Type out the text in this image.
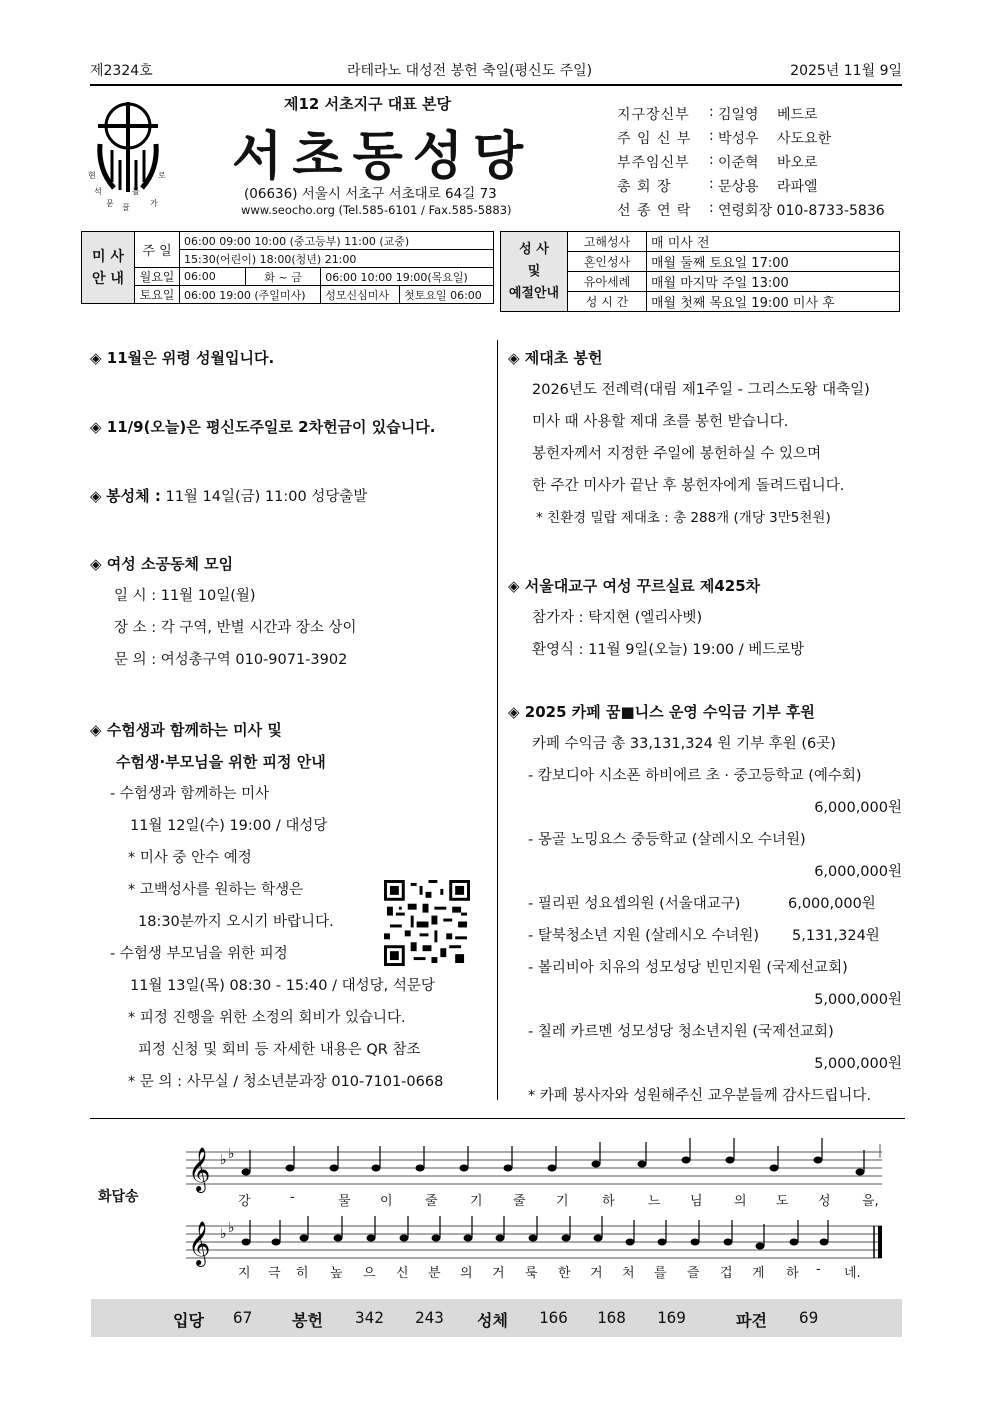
제2324호	라테라노 대성전 봉헌 축일(평신도 주일)	2025년 11월 9일
현	로
석	틀
문	가
꿀
제12 서초지구 대표 본당
서초동성당
(06636) 서울시 서초구 서초대로 64길 73
www.seocho.org (Tel.585-6101 / Fax.585-5883)
지구장신부	: 김일영 베드로
주 임 신 부	: 박성우 사도요한
부주임신부	: 이준혁 바오로
총 회 장	: 문상용 라파엘
선 종 연 락	: 연령회장 010-8733-5836
미 사
안 내	주 일	06:00 09:00 10:00 (중고등부) 11:00 (교중)			
		15:30(어린이) 18:00(청년) 21:00			
	월요일	06:00	화 ~ 금	06:00 10:00 19:00(목요일)	
	토요일	06:00 19:00 (주일미사)		성모신심미사	첫토요일 06:00
성 사
및
예절안내	고해성사	매 미사 전
	혼인성사	매월 둘째 토요일 17:00
	유아세례	매월 마지막 주일 13:00
	성 시 간	매월 첫째 목요일 19:00 미사 후
◈ 11월은 위령 성월입니다.
◈ 11/9(오늘)은 평신도주일로 2차헌금이 있습니다.
◈ 봉성체 : 11월 14일(금) 11:00 성당출발
◈ 여성 소공동체 모임
일 시 : 11월 10일(월)
장 소 : 각 구역, 반별 시간과 장소 상이
문 의 : 여성총구역 010-9071-3902
◈ 수험생과 함께하는 미사 및
수험생·부모님을 위한 피정 안내
- 수험생과 함께하는 미사
11월 12일(수) 19:00 / 대성당
* 미사 중 안수 예정
* 고백성사를 원하는 학생은
18:30분까지 오시기 바랍니다.
- 수험생 부모님을 위한 피정
11월 13일(목) 08:30 - 15:40 / 대성당, 석문당
* 피정 진행을 위한 소정의 회비가 있습니다.
피정 신청 및 회비 등 자세한 내용은 QR 참조
* 문 의 : 사무실 / 청소년분과장 010-7101-0668
◈ 제대초 봉헌
2026년도 전례력(대림 제1주일 - 그리스도왕 대축일)
미사 때 사용할 제대 초를 봉헌 받습니다.
봉헌자께서 지정한 주일에 봉헌하실 수 있으며
한 주간 미사가 끝난 후 봉헌자에게 돌려드립니다.
* 친환경 밀랍 제대초 : 총 288개 (개당 3만5천원)
◈ 서울대교구 여성 꾸르실료 제425차
참가자 : 탁지현 (엘리사벳)
환영식 : 11월 9일(오늘) 19:00 / 베드로방
◈ 2025 카페 꿈■니스 운영 수익금 기부 후원
카페 수익금 총 33,131,324 원 기부 후원 (6곳)
- 캄보디아 시소폰 하비에르 초 · 중고등학교 (예수회)
6,000,000원
- 몽골 노밍요스 중등학교 (살레시오 수녀원)
6,000,000원
- 필리핀 성요셉의원 (서울대교구)	6,000,000원
- 탈북청소년 지원 (살레시오 수녀원) 5,131,324원
- 볼리비아 치유의 성모성당 빈민지원 (국제선교회)
5,000,000원
- 칠레 카르멘 성모성당 청소년지원 (국제선교회)
5,000,000원
* 카페 봉사자와 성원해주신 교우분들께 감사드립니다.
화답송
𝄞 ♭ ♭
강	-	물 이 줄 기 줄 기	하	느 님 의 도 성 을,
𝄞 ♭ ♭
지 극 히 높 으 신 분 의 거 룩 한 거 처 를 즐 겁 게 하 - 네.
입당 67 봉헌 342 243 성체 166 168 169	파견 69
